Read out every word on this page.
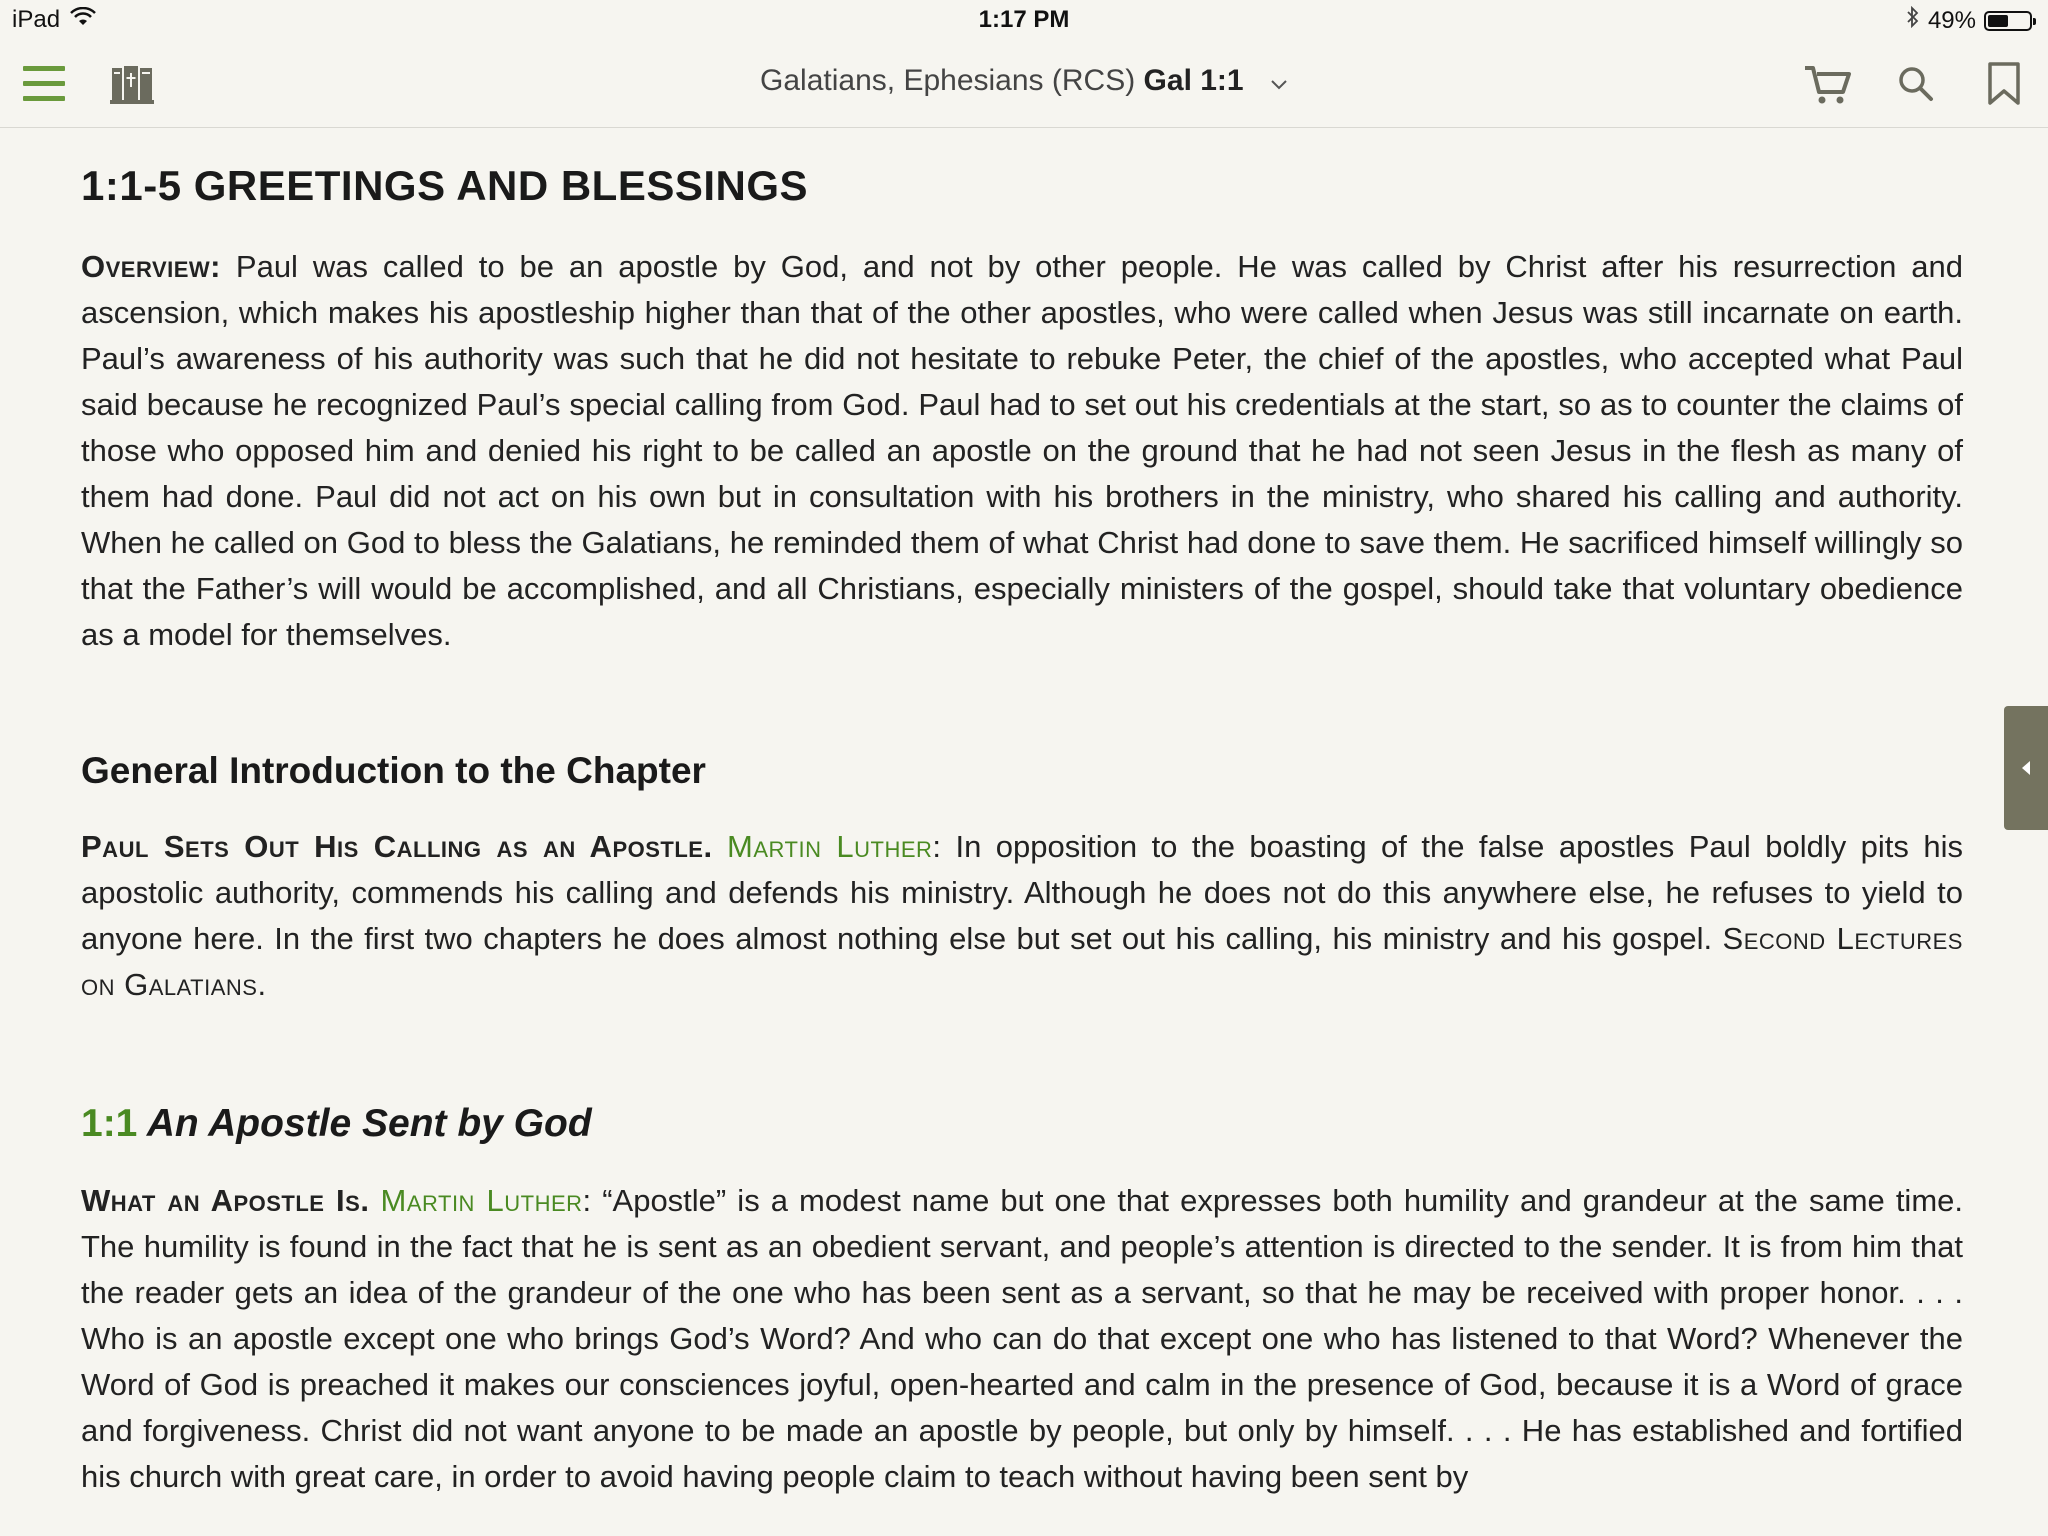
iPad	1:17 PM	49%
Galatians, Ephesians (RCS) Gal 1:1
1:1-5 GREETINGS AND BLESSINGS

Overview: Paul was called to be an apostle by God, and not by other people. He was called by Christ after his resurrection and ascension, which makes his apostleship higher than that of the other apostles, who were called when Jesus was still incarnate on earth. Paul’s awareness of his authority was such that he did not hesitate to rebuke Peter, the chief of the apostles, who accepted what Paul said because he recognized Paul’s special calling from God. Paul had to set out his credentials at the start, so as to counter the claims of those who opposed him and denied his right to be called an apostle on the ground that he had not seen Jesus in the flesh as many of them had done. Paul did not act on his own but in consultation with his brothers in the ministry, who shared his calling and authority. When he called on God to bless the Galatians, he reminded them of what Christ had done to save them. He sacrificed himself willingly so that the Father’s will would be accomplished, and all Christians, especially ministers of the gospel, should take that voluntary obedience as a model for themselves.

General Introduction to the Chapter

Paul Sets Out His Calling as an Apostle. Martin Luther: In opposition to the boasting of the false apostles Paul boldly pits his apostolic authority, commends his calling and defends his ministry. Although he does not do this anywhere else, he refuses to yield to anyone here. In the first two chapters he does almost nothing else but set out his calling, his ministry and his gospel. Second Lectures on Galatians.

1:1 An Apostle Sent by God

What an Apostle Is. Martin Luther: “Apostle” is a modest name but one that expresses both humility and grandeur at the same time. The humility is found in the fact that he is sent as an obedient servant, and people’s attention is directed to the sender. It is from him that the reader gets an idea of the grandeur of the one who has been sent as a servant, so that he may be received with proper honor. . . . Who is an apostle except one who brings God’s Word? And who can do that except one who has listened to that Word? Whenever the Word of God is preached it makes our consciences joyful, open-hearted and calm in the presence of God, because it is a Word of grace and forgiveness. Christ did not want anyone to be made an apostle by people, but only by himself. . . . He has established and fortified his church with great care, in order to avoid having people claim to teach without having been sent by
